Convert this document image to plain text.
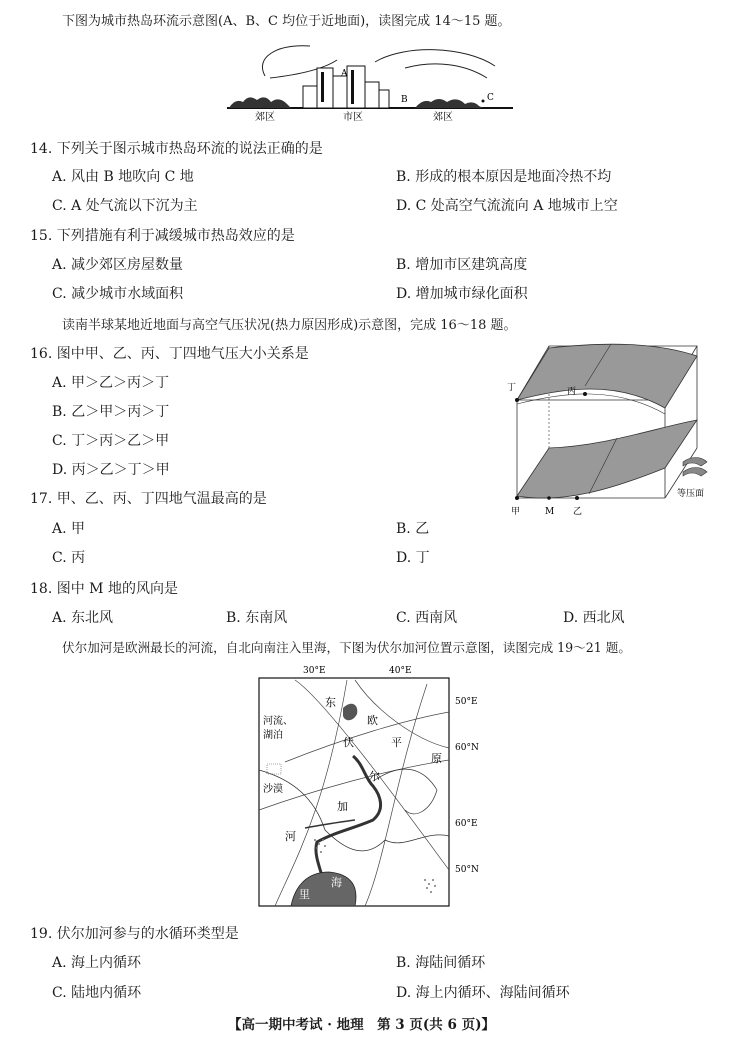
下图为城市热岛环流示意图(A、B、C 均位于近地面)，读图完成 14～15 题。
A
B	C
郊区	市区	郊区
14. 下列关于图示城市热岛环流的说法正确的是
A. 风由 B 地吹向 C 地	B. 形成的根本原因是地面冷热不均
C. A 处气流以下沉为主	D. C 处高空气流流向 A 地城市上空
15. 下列措施有利于减缓城市热岛效应的是
A. 减少郊区房屋数量	B. 增加市区建筑高度
C. 减少城市水域面积	D. 增加城市绿化面积
读南半球某地近地面与高空气压状况(热力原因形成)示意图，完成 16～18 题。
16. 图中甲、乙、丙、丁四地气压大小关系是
A. 甲＞乙＞丙＞丁
B. 乙＞甲＞丙＞丁
C. 丁＞丙＞乙＞甲
D. 丙＞乙＞丁＞甲
丁	丙
甲	M 乙
等压面
17. 甲、乙、丙、丁四地气温最高的是
A. 甲	B. 乙
C. 丙	D. 丁
18. 图中 M 地的风向是
A. 东北风	B. 东南风	C. 西南风	D. 西北风
伏尔加河是欧洲最长的河流，自北向南注入里海，下图为伏尔加河位置示意图，读图完成 19～21 题。
30°E	40°E
50°E
60°N
60°E
50°N
东
欧
伏	平
尔
原
加
河
里
海
河流、
湖泊
沙漠
19. 伏尔加河参与的水循环类型是
A. 海上内循环	B. 海陆间循环
C. 陆地内循环	D. 海上内循环、海陆间循环
【高一期中考试 · 地理　第 3 页(共 6 页)】
